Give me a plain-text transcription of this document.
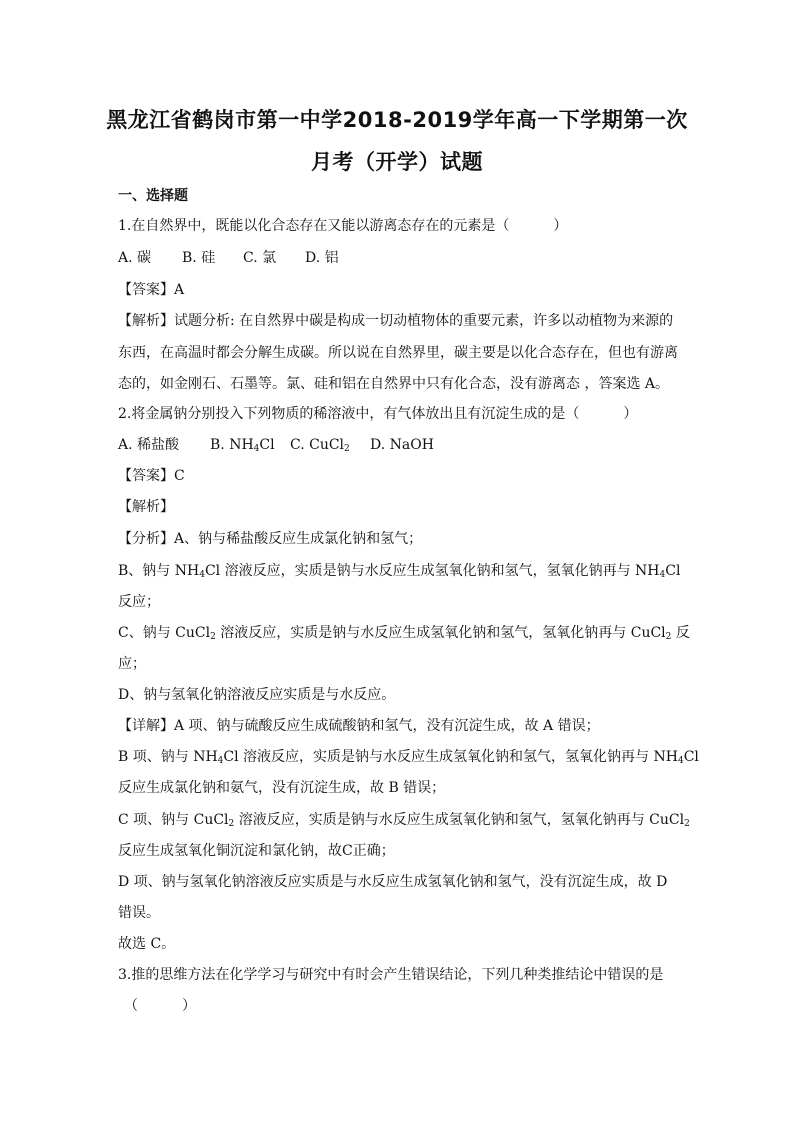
黑龙江省鹤岗市第一中学2018-2019学年高一下学期第一次
月考（开学）试题
一、选择题
1.在自然界中，既能以化合态存在又能以游离态存在的元素是（	）
A. 碳 B. 硅 C. 氯 D. 铝
【答案】A
【解析】试题分析: 在自然界中碳是构成一切动植物体的重要元素，许多以动植物为来源的
东西，在高温时都会分解生成碳。所以说在自然界里，碳主要是以化合态存在，但也有游离
态的，如金刚石、石墨等。氯、硅和铝在自然界中只有化合态，没有游离态 ，答案选 A。
2.将金属钠分别投入下列物质的稀溶液中，有气体放出且有沉淀生成的是（	）
A. 稀盐酸 B. $NH_4Cl$ C. CuCl$_2$ D. NaOH
【答案】C
【解析】
【分析】A、钠与稀盐酸反应生成氯化钠和氢气；
B、钠与 $NH_4Cl$ 溶液反应，实质是钠与水反应生成氢氧化钠和氢气，氢氧化钠再与 $NH_4Cl$
反应；
C、钠与 CuCl$_2$ 溶液反应，实质是钠与水反应生成氢氧化钠和氢气，氢氧化钠再与 CuCl$_2$ 反
应；
D、钠与氢氧化钠溶液反应实质是与水反应。
【详解】A 项、钠与硫酸反应生成硫酸钠和氢气，没有沉淀生成，故 A 错误；
B 项、钠与 $NH_4Cl$ 溶液反应，实质是钠与水反应生成氢氧化钠和氢气，氢氧化钠再与 $NH_4Cl$
反应生成氯化钠和氨气，没有沉淀生成，故 B 错误；
C 项、钠与 CuCl$_2$ 溶液反应，实质是钠与水反应生成氢氧化钠和氢气，氢氧化钠再与 CuCl$_2$
反应生成氢氧化铜沉淀和氯化钠，故C正确；
D 项、钠与氢氧化钠溶液反应实质是与水反应生成氢氧化钠和氢气，没有沉淀生成，故 D
错误。
故选 C。
3.推的思维方法在化学学习与研究中有时会产生错误结论，下列几种类推结论中错误的是
（	）
